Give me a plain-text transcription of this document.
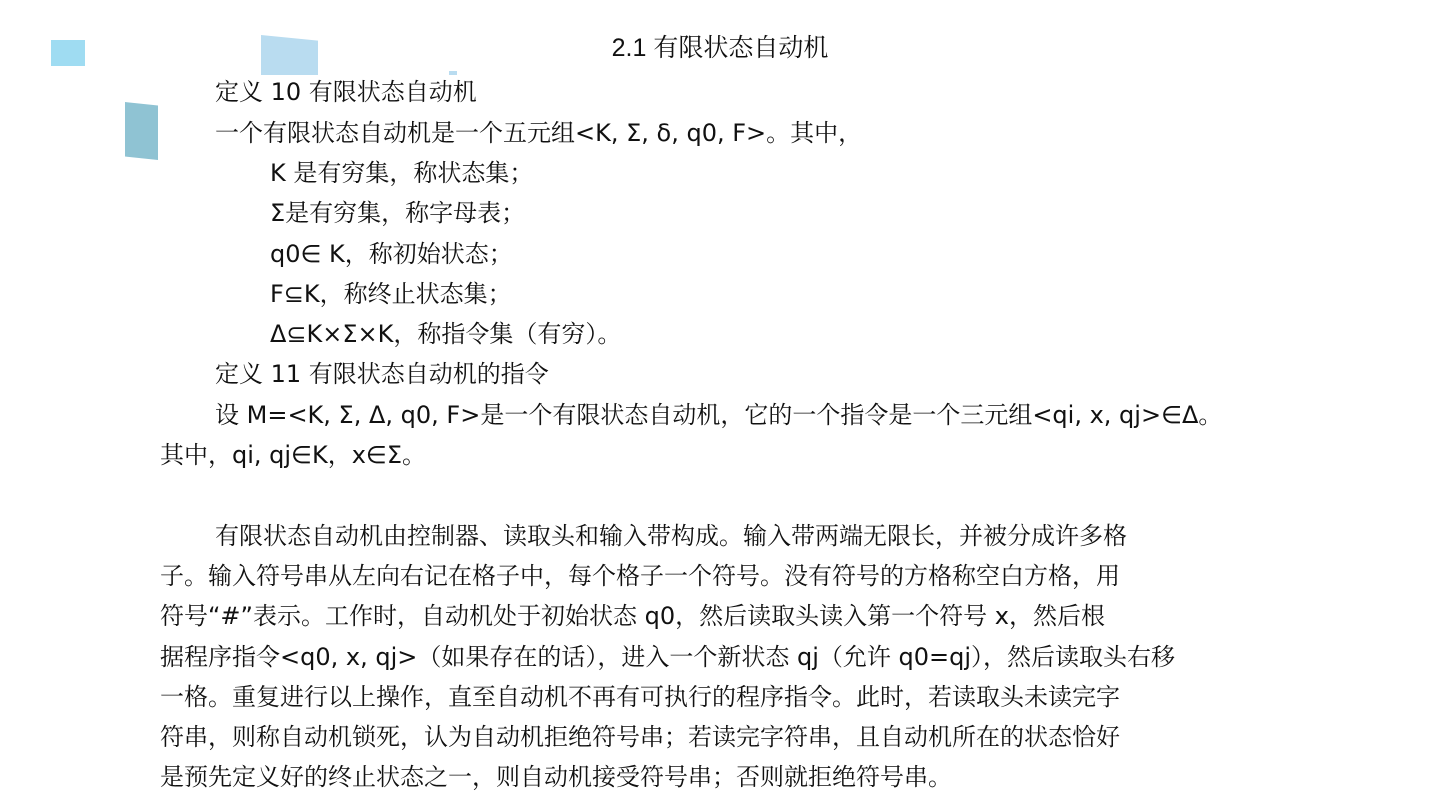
2.1 有限状态自动机
定义 10 有限状态自动机
一个有限状态自动机是一个五元组<K, Σ, δ, q0, F>。其中，
K 是有穷集，称状态集；
Σ是有穷集，称字母表；
q0∈ K，称初始状态；
F⊆K，称终止状态集；
Δ⊆K×Σ×K，称指令集（有穷）。
定义 11 有限状态自动机的指令
设 M=<K, Σ, Δ, q0, F>是一个有限状态自动机，它的一个指令是一个三元组<qi, x, qj>∈Δ。
其中，qi, qj∈K，x∈Σ。
有限状态自动机由控制器、读取头和输入带构成。输入带两端无限长，并被分成许多格
子。输入符号串从左向右记在格子中，每个格子一个符号。没有符号的方格称空白方格，用
符号“#”表示。工作时，自动机处于初始状态 q0，然后读取头读入第一个符号 x，然后根
据程序指令<q0, x, qj>（如果存在的话），进入一个新状态 qj（允许 q0=qj），然后读取头右移
一格。重复进行以上操作，直至自动机不再有可执行的程序指令。此时，若读取头未读完字
符串，则称自动机锁死，认为自动机拒绝符号串；若读完字符串，且自动机所在的状态恰好
是预先定义好的终止状态之一，则自动机接受符号串；否则就拒绝符号串。
